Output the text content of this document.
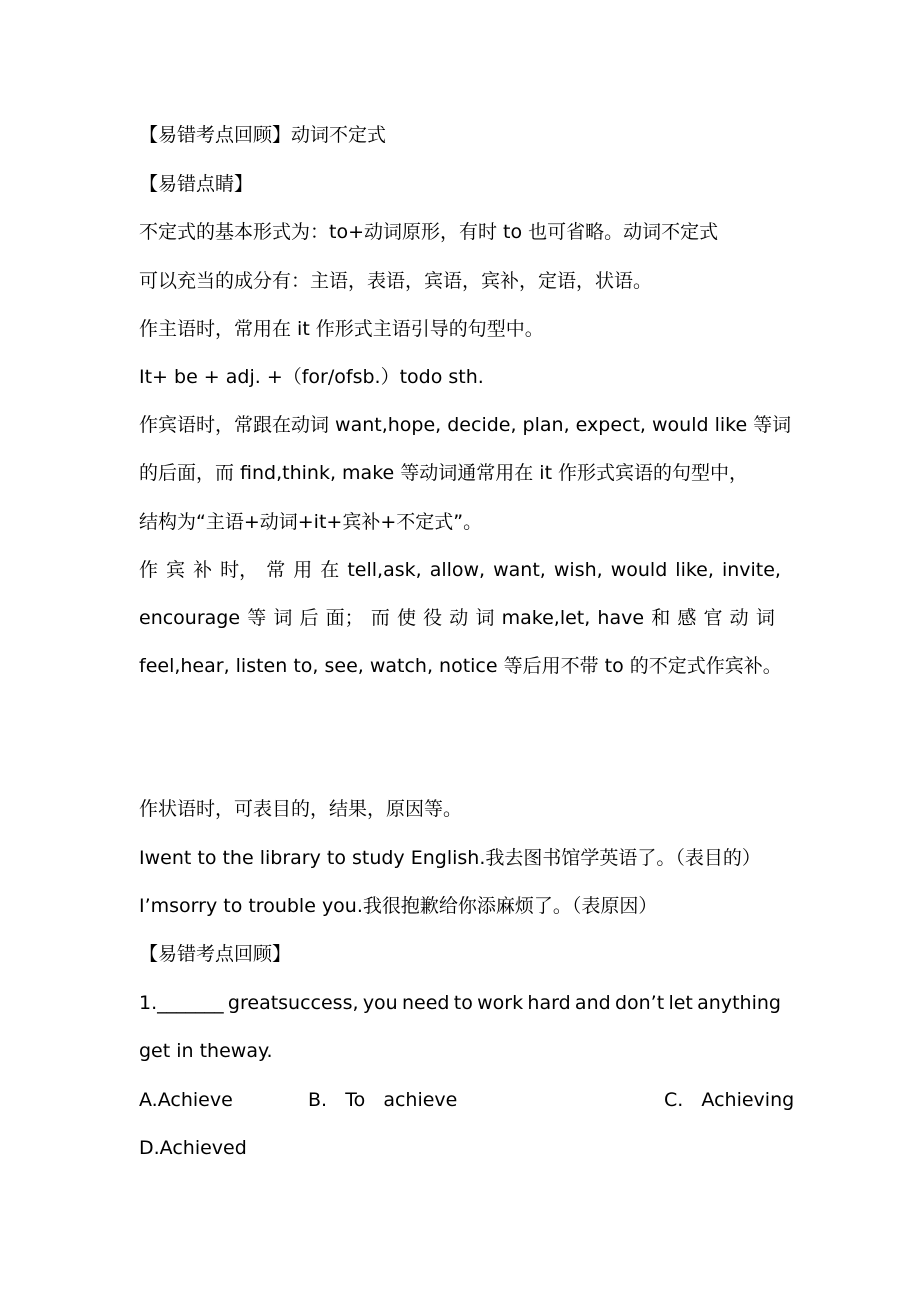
【易错考点回顾】动词不定式
【易错点睛】
不定式的基本形式为：to+动词原形，有时 to 也可省略。动词不定式
可以充当的成分有：主语，表语，宾语，宾补，定语，状语。
作主语时，常用在 it 作形式主语引导的句型中。
It+ be + adj. +（for/ofsb.）todo sth.
作宾语时，常跟在动词 want,hope, decide, plan, expect, would like 等词
的后面，而 find,think, make 等动词通常用在 it 作形式宾语的句型中，
结构为“主语+动词+it+宾补+不定式”。
作 宾 补 时， 常 用 在 tell,ask, allow, want, wish, would like, invite,
encourage 等 词 后 面； 而 使 役 动 词 make,let, have 和 感 官 动 词
feel,hear, listen to, see, watch, notice 等后用不带 to 的不定式作宾补。
作状语时，可表目的，结果，原因等。
Iwent to the library to study English.我去图书馆学英语了。（表目的）
I’msorry to trouble you.我很抱歉给你添麻烦了。（表原因）
【易错考点回顾】
1._______ greatsuccess, you need to work hard and don’t let anything
get in theway.
A.Achieve	B.   To   achieve	C.   Achieving
D.Achieved
